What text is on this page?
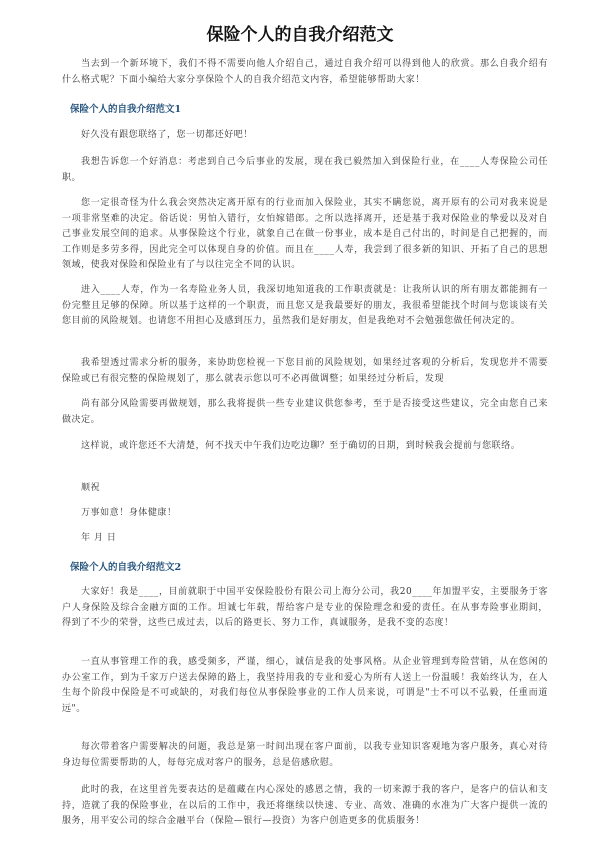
保险个人的自我介绍范文

当去到一个新环境下，我们不得不需要向他人介绍自己，通过自我介绍可以得到他人的欣赏。那么自我介绍有什么格式呢？下面小编给大家分享保险个人的自我介绍范文内容，希望能够帮助大家！

保险个人的自我介绍范文1

好久没有跟您联络了，您一切都还好吧！

我想告诉您一个好消息：考虑到自己今后事业的发展，现在我已毅然加入到保险行业，在____人寿保险公司任职。

您一定很奇怪为什么我会突然决定离开原有的行业而加入保险业，其实不瞒您说，离开原有的公司对我来说是一项非常坚难的决定。俗话说：男怕入错行，女怕嫁错郎。之所以选择离开，还是基于我对保险业的挚爱以及对自己事业发展空间的追求。从事保险这个行业，就象自己在做一份事业，成本是自己付出的，时间是自己把握的，而工作则是多劳多得，因此完全可以体现自身的价值。而且在____人寿，我尝到了很多新的知识、开拓了自己的思想领域，使我对保险和保险业有了与以往完全不同的认识。

进入____人寿，作为一名寿险业务人员，我深切地知道我的工作职责就是：让我所认识的所有朋友都能拥有一份完整且足够的保障。所以基于这样的一个职责，而且您又是我最要好的朋友，我很希望能找个时间与您谈谈有关您目前的风险规划。也请您不用担心及感到压力，虽然我们是好朋友，但是我绝对不会勉强您做任何决定的。

我希望透过需求分析的服务，来协助您检视一下您目前的风险规划，如果经过客观的分析后，发现您并不需要保险或已有很完整的保险规划了，那么就表示您以可不必再做调整；如果经过分析后，发现

尚有部分风险需要再做规划，那么我将提供一些专业建议供您参考，至于是否接受这些建议，完全由您自己来做决定。

这样说，或许您还不大清楚，何不找天中午我们边吃边聊？至于确切的日期，到时候我会提前与您联络。

顺祝

万事如意！身体健康！

年 月 日

保险个人的自我介绍范文2

大家好！我是____，目前就职于中国平安保险股份有限公司上海分公司，我20____年加盟平安，主要服务于客户人身保险及综合金融方面的工作。坦诚七年载，帮给客户是专业的保险理念和爱的责任。在从事寿险事业期间，得到了不少的荣誉，这些已成过去，以后的路更长、努力工作，真诚服务，是我不变的态度！

一直从事管理工作的我，感受频多，严谨，细心，诚信是我的处事风格。从企业管理到寿险营销，从在悠闲的办公室工作，到为千家万户送去保障的路上，我坚持用我的专业和爱心为所有人送上一份温暖！我始终认为，在人生每个阶段中保险是不可或缺的，对我们每位从事保险事业的工作人员来说，可谓是"士不可以不弘毅，任重而道远"。

每次带着客户需要解决的问题，我总是第一时间出现在客户面前，以我专业知识客观地为客户服务，真心对待身边每位需要帮助的人，每每完成对客户的服务，总是倍感欣慰。

此时的我，在这里首先要表达的是蕴藏在内心深处的感恩之情，我的一切来源于我的客户，是客户的信认和支持，造就了我的保险事业，在以后的工作中，我还将继续以快速、专业、高效、准确的水准为广大客户提供一流的服务，用平安公司的综合金融平台（保险—银行—投资）为客户创造更多的优质服务！
